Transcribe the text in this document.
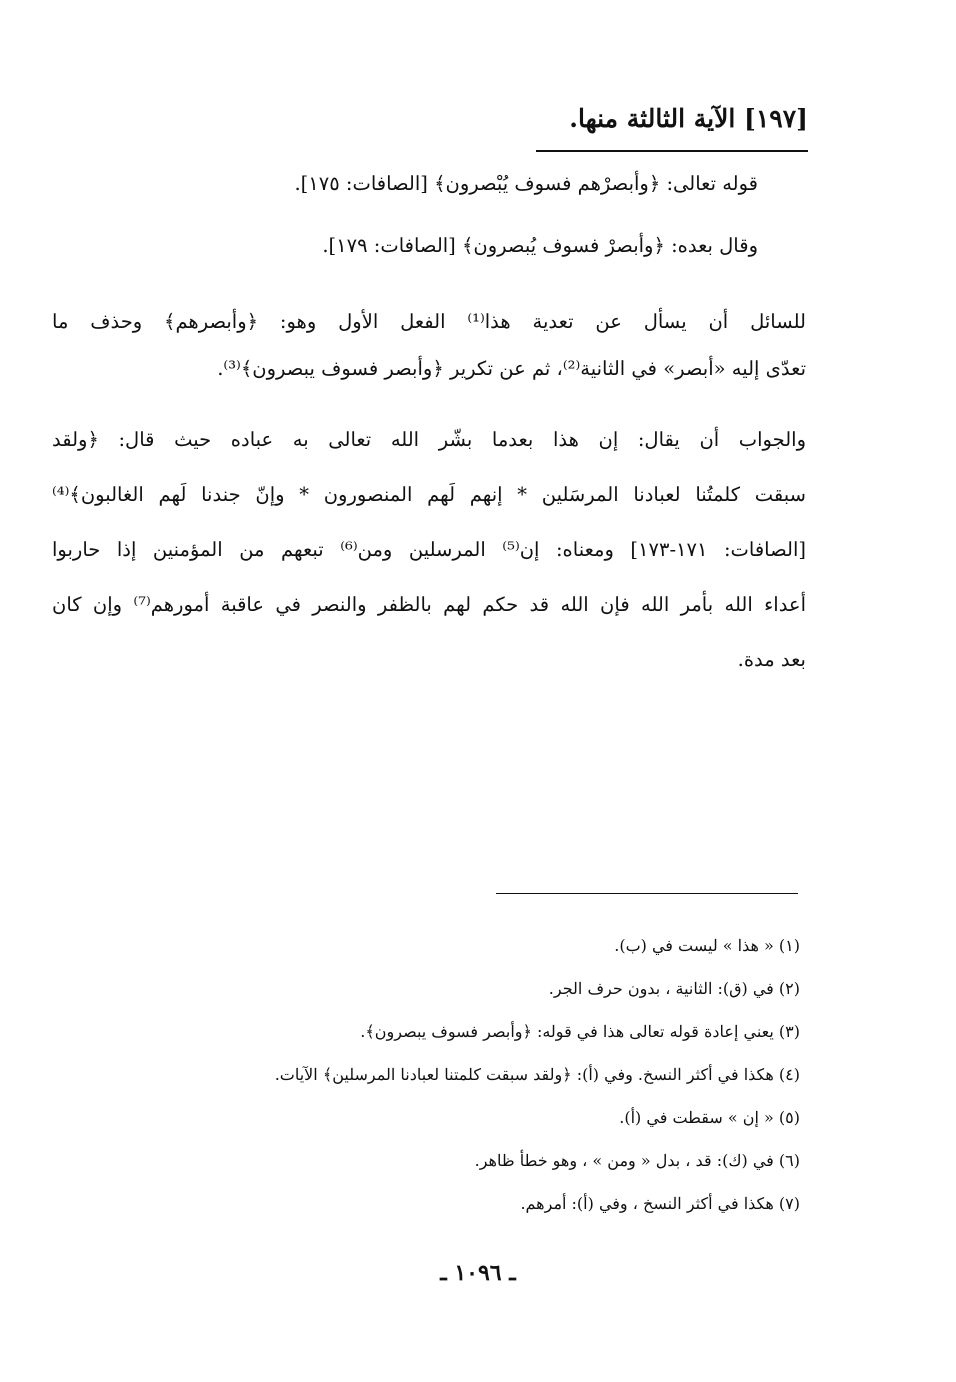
[١٩٧] الآية الثالثة منها.
قوله تعالى: ﴿وأبصرْهم فسوف يُبْصرون﴾ [الصافات: ١٧٥].
وقال بعده: ﴿وأبصرْ فسوف يُبصرون﴾ [الصافات: ١٧٩].
للسائل أن يسأل عن تعدية هذا⁽¹⁾ الفعل الأول وهو: ﴿وأبصرهم﴾ وحذف ما
تعدّى إليه «أبصر» في الثانية⁽²⁾، ثم عن تكرير ﴿وأبصر فسوف يبصرون﴾⁽³⁾.
والجواب أن يقال: إن هذا بعدما بشّر الله تعالى به عباده حيث قال: ﴿ولقد
سبقت كلمتُنا لعبادنا المرسَلين * إنهم لَهم المنصورون * وإنّ جندنا لَهم الغالبون﴾⁽⁴⁾
[الصافات: ١٧١-١٧٣] ومعناه: إن⁽⁵⁾ المرسلين ومن⁽⁶⁾ تبعهم من المؤمنين إذا حاربوا
أعداء الله بأمر الله فإن الله قد حكم لهم بالظفر والنصر في عاقبة أمورهم⁽⁷⁾ وإن كان
بعد مدة.
(١) « هذا » ليست في (ب).
(٢) في (ق): الثانية ، بدون حرف الجر.
(٣) يعني إعادة قوله تعالى هذا في قوله: ﴿وأبصر فسوف يبصرون﴾.
(٤) هكذا في أكثر النسخ. وفي (أ): ﴿ولقد سبقت كلمتنا لعبادنا المرسلين﴾ الآيات.
(٥) « إن » سقطت في (أ).
(٦) في (ك): قد ، بدل « ومن » ، وهو خطأ ظاهر.
(٧) هكذا في أكثر النسخ ، وفي (أ): أمرهم.
ـ ١٠٩٦ ـ
